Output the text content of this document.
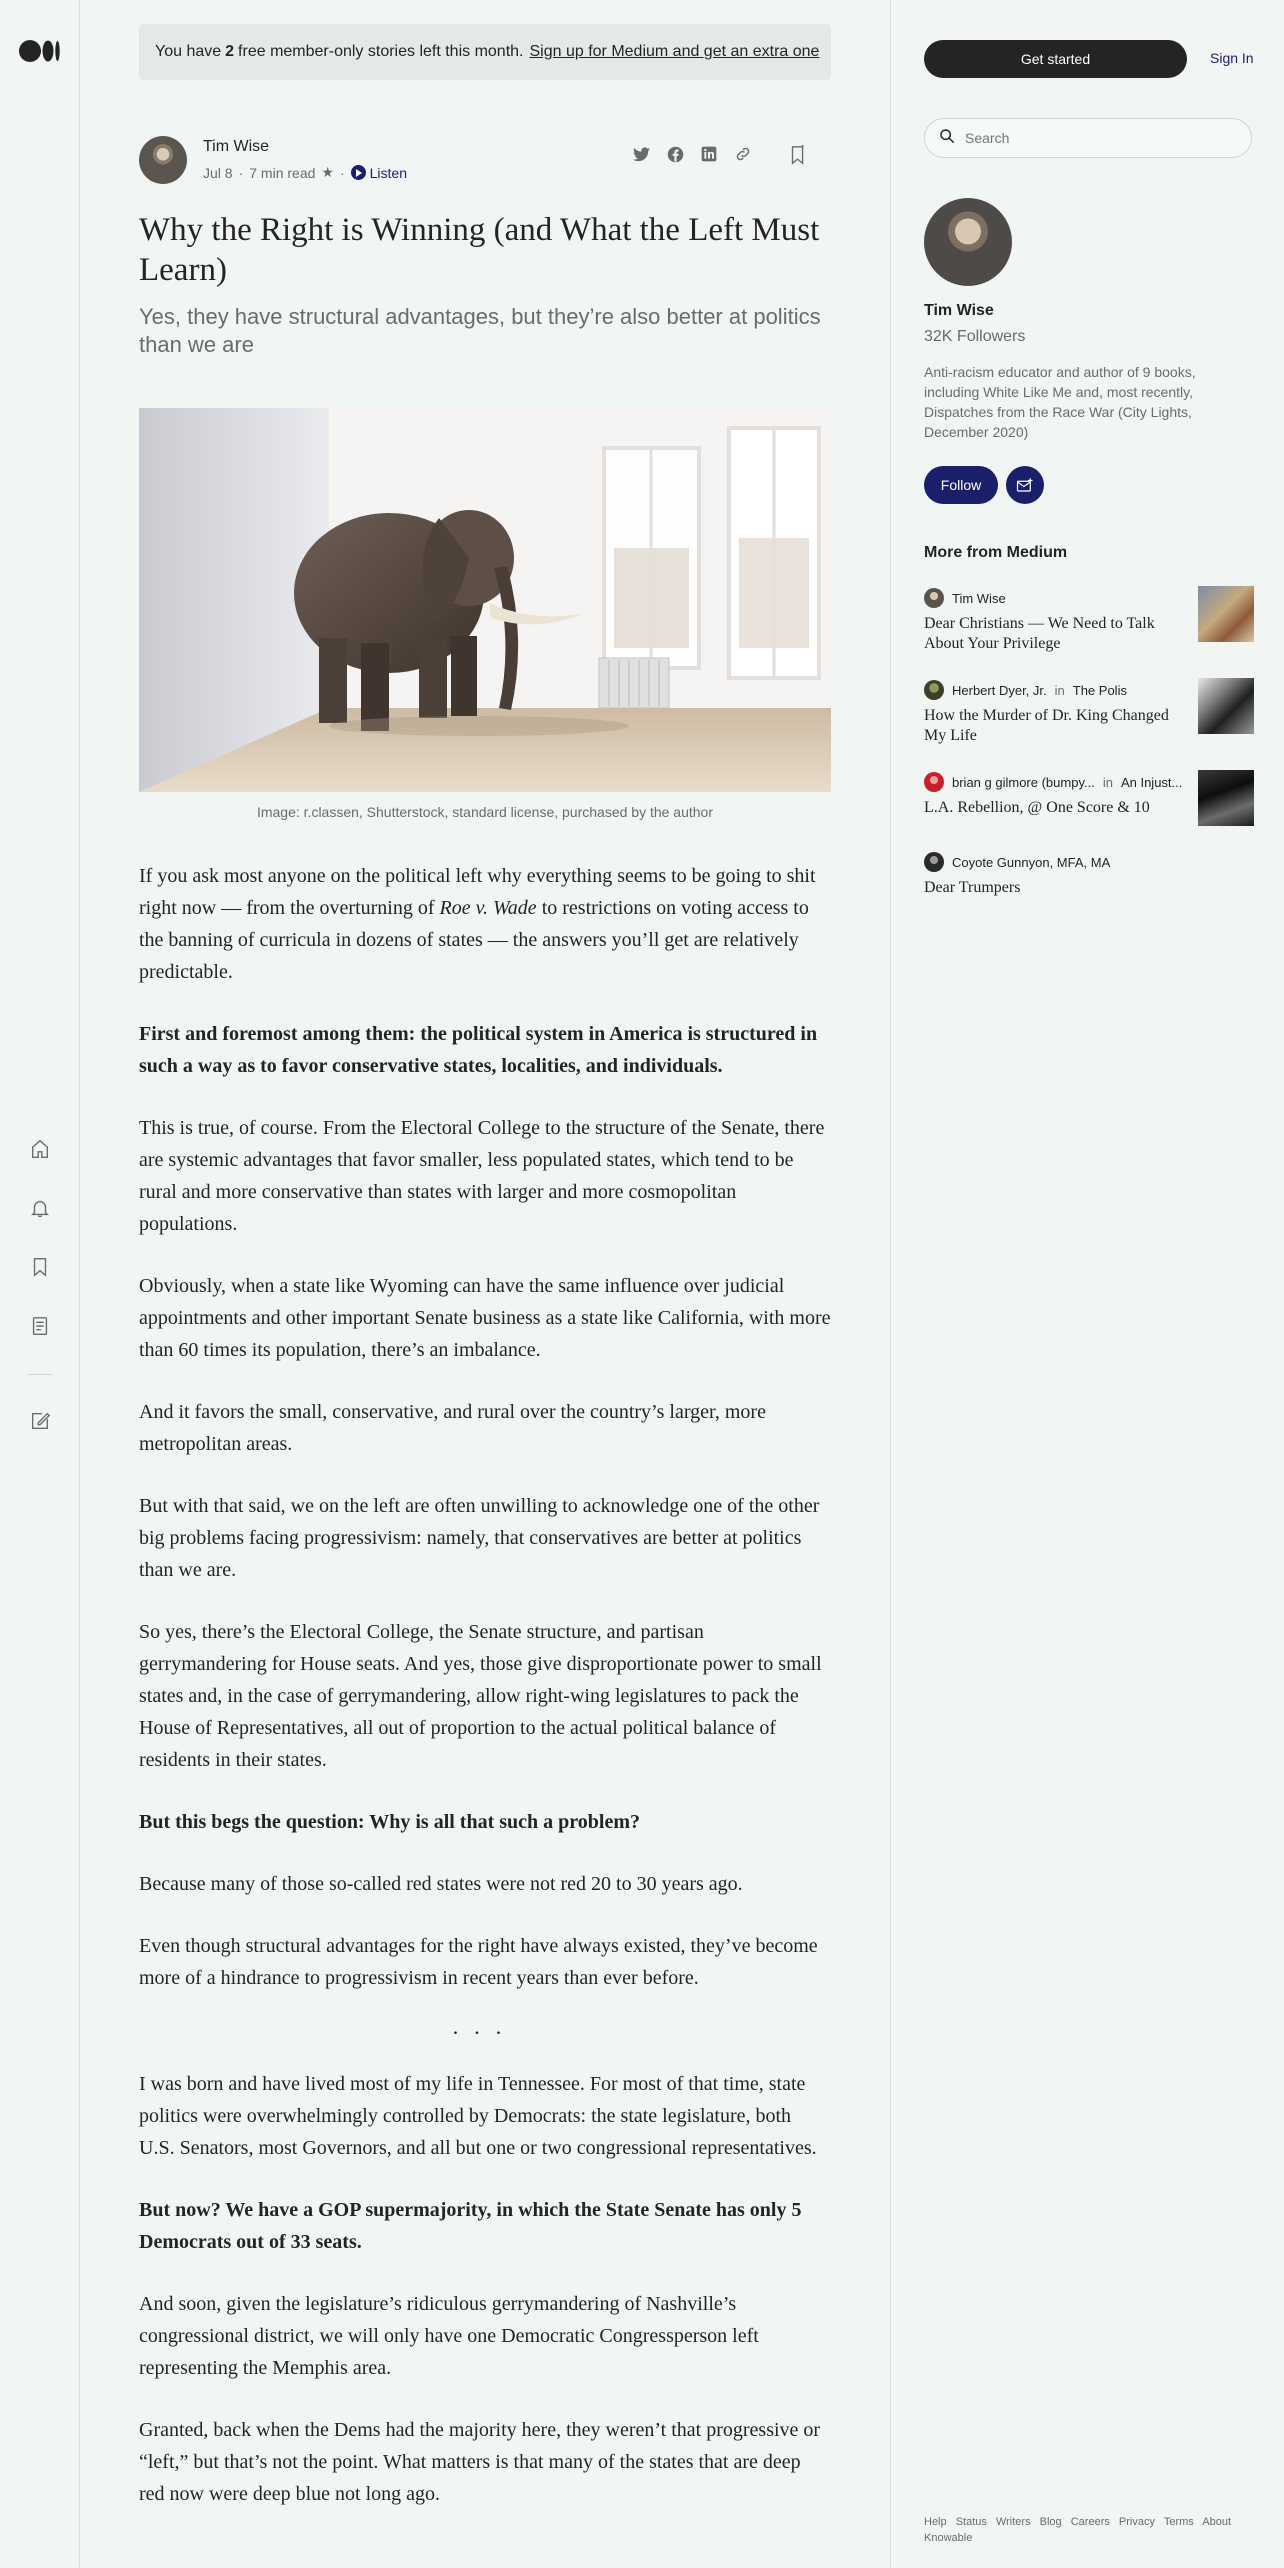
You have 2 free member-only stories left this month. Sign up for Medium and get an extra one
Tim Wise
Jul 8 · 7 min read ★ · Listen
Why the Right is Winning (and What the Left Must Learn)
Yes, they have structural advantages, but they’re also better at politics than we are
Image: r.classen, Shutterstock, standard license, purchased by the author

If you ask most anyone on the political left why everything seems to be going to shit right now — from the overturning of Roe v. Wade to restrictions on voting access to the banning of curricula in dozens of states — the answers you’ll get are relatively predictable.

First and foremost among them: the political system in America is structured in such a way as to favor conservative states, localities, and individuals.

This is true, of course. From the Electoral College to the structure of the Senate, there are systemic advantages that favor smaller, less populated states, which tend to be rural and more conservative than states with larger and more cosmopolitan populations.

Obviously, when a state like Wyoming can have the same influence over judicial appointments and other important Senate business as a state like California, with more than 60 times its population, there’s an imbalance.

And it favors the small, conservative, and rural over the country’s larger, more metropolitan areas.

But with that said, we on the left are often unwilling to acknowledge one of the other big problems facing progressivism: namely, that conservatives are better at politics than we are.

So yes, there’s the Electoral College, the Senate structure, and partisan gerrymandering for House seats. And yes, those give disproportionate power to small states and, in the case of gerrymandering, allow right-wing legislatures to pack the House of Representatives, all out of proportion to the actual political balance of residents in their states.

But this begs the question: Why is all that such a problem?

Because many of those so-called red states were not red 20 to 30 years ago.

Even though structural advantages for the right have always existed, they’ve become more of a hindrance to progressivism in recent years than ever before.

...

I was born and have lived most of my life in Tennessee. For most of that time, state politics were overwhelmingly controlled by Democrats: the state legislature, both U.S. Senators, most Governors, and all but one or two congressional representatives.

But now? We have a GOP supermajority, in which the State Senate has only 5 Democrats out of 33 seats.

And soon, given the legislature’s ridiculous gerrymandering of Nashville’s congressional district, we will only have one Democratic Congressperson left representing the Memphis area.

Granted, back when the Dems had the majority here, they weren’t that progressive or “left,” but that’s not the point. What matters is that many of the states that are deep red now were deep blue not long ago.

Get started	Sign In
Search
Tim Wise
32K Followers
Anti-racism educator and author of 9 books, including White Like Me and, most recently, Dispatches from the Race War (City Lights, December 2020)
Follow
More from Medium
Tim Wise
Dear Christians — We Need to Talk About Your Privilege
Herbert Dyer, Jr. in The Polis
How the Murder of Dr. King Changed My Life
brian g gilmore (bumpy... in An Injust...
L.A. Rebellion, @ One Score & 10
Coyote Gunnyon, MFA, MA
Dear Trumpers
Help Status Writers Blog Careers Privacy Terms About Knowable
